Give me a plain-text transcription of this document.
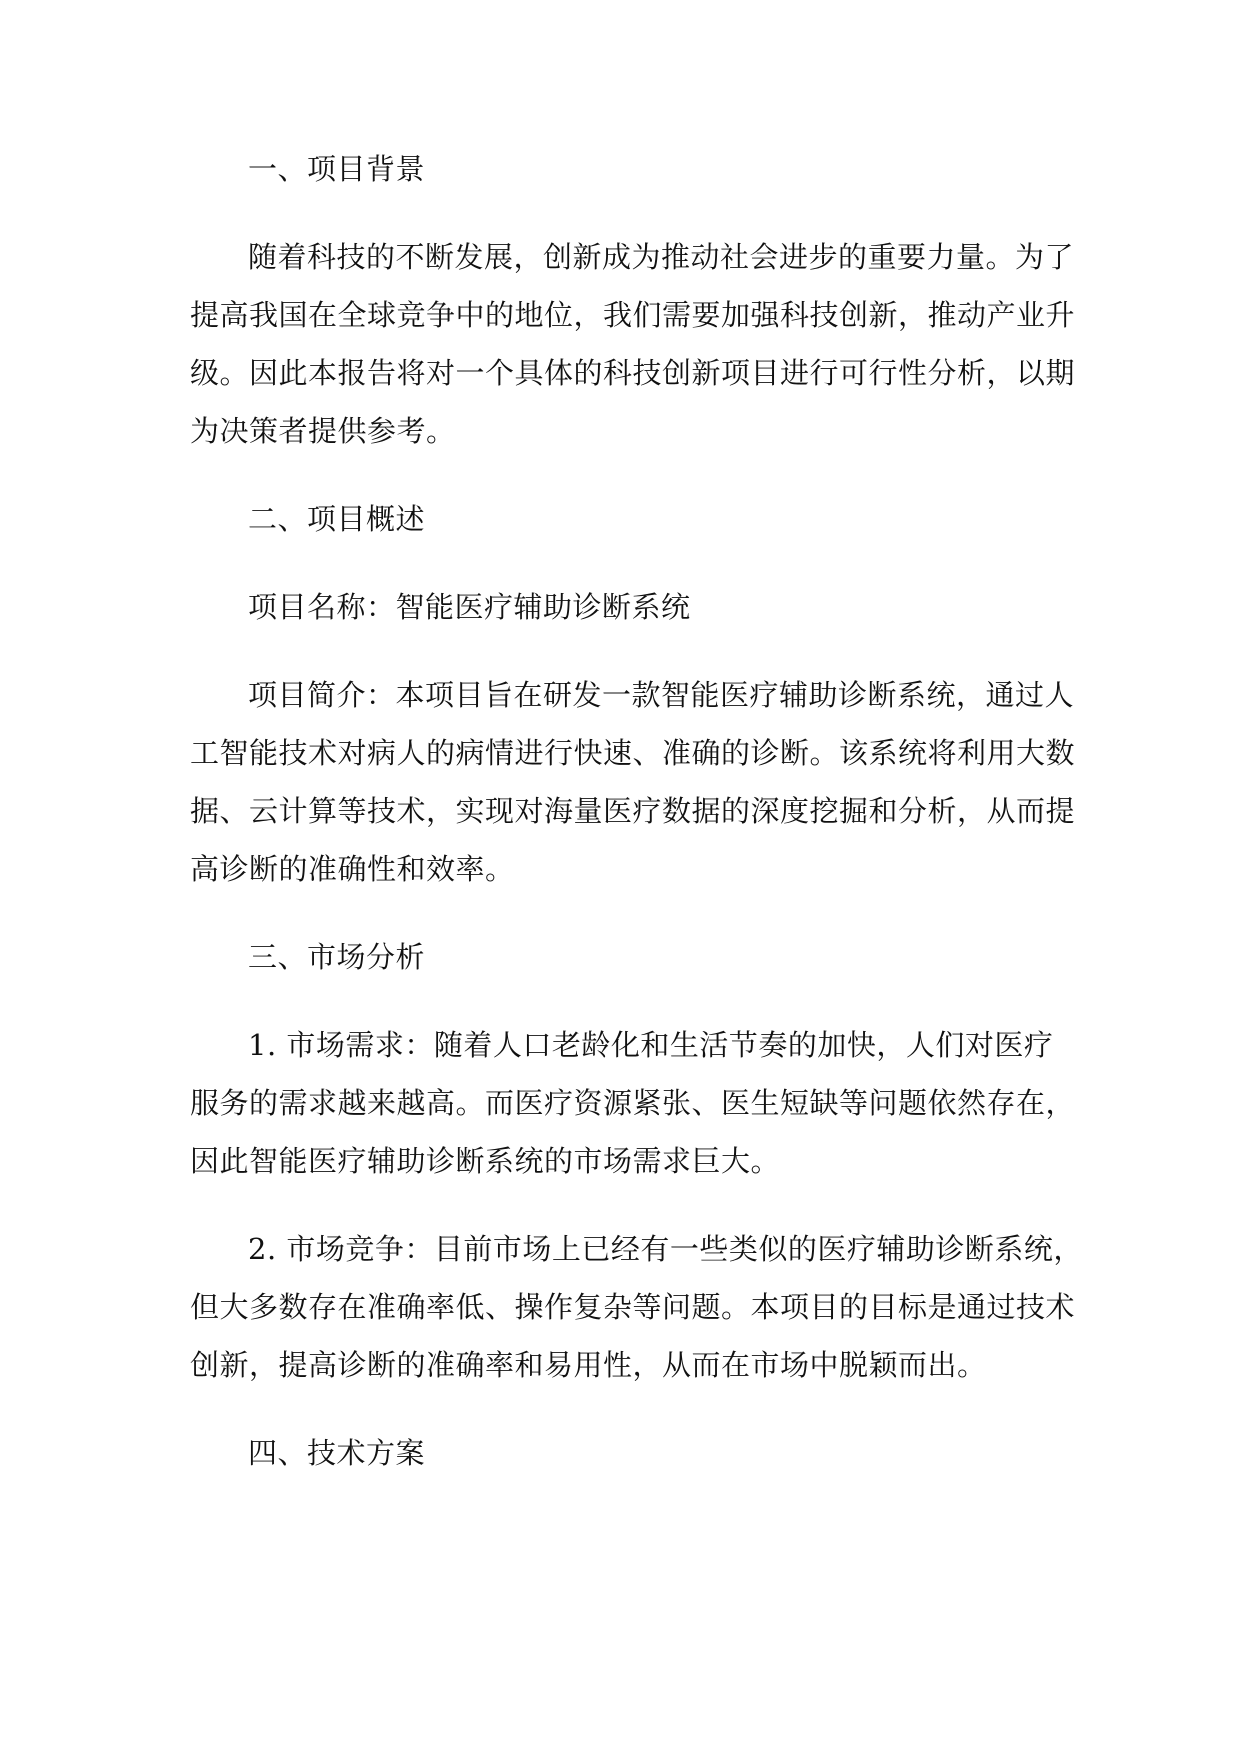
一、项目背景
随着科技的不断发展，创新成为推动社会进步的重要力量。为了
提高我国在全球竞争中的地位，我们需要加强科技创新，推动产业升
级。因此本报告将对一个具体的科技创新项目进行可行性分析，以期
为决策者提供参考。
二、项目概述
项目名称：智能医疗辅助诊断系统
项目简介：本项目旨在研发一款智能医疗辅助诊断系统，通过人
工智能技术对病人的病情进行快速、准确的诊断。该系统将利用大数
据、云计算等技术，实现对海量医疗数据的深度挖掘和分析，从而提
高诊断的准确性和效率。
三、市场分析
1. 市场需求：随着人口老龄化和生活节奏的加快，人们对医疗
服务的需求越来越高。而医疗资源紧张、医生短缺等问题依然存在，
因此智能医疗辅助诊断系统的市场需求巨大。
2. 市场竞争：目前市场上已经有一些类似的医疗辅助诊断系统，
但大多数存在准确率低、操作复杂等问题。本项目的目标是通过技术
创新，提高诊断的准确率和易用性，从而在市场中脱颖而出。
四、技术方案
